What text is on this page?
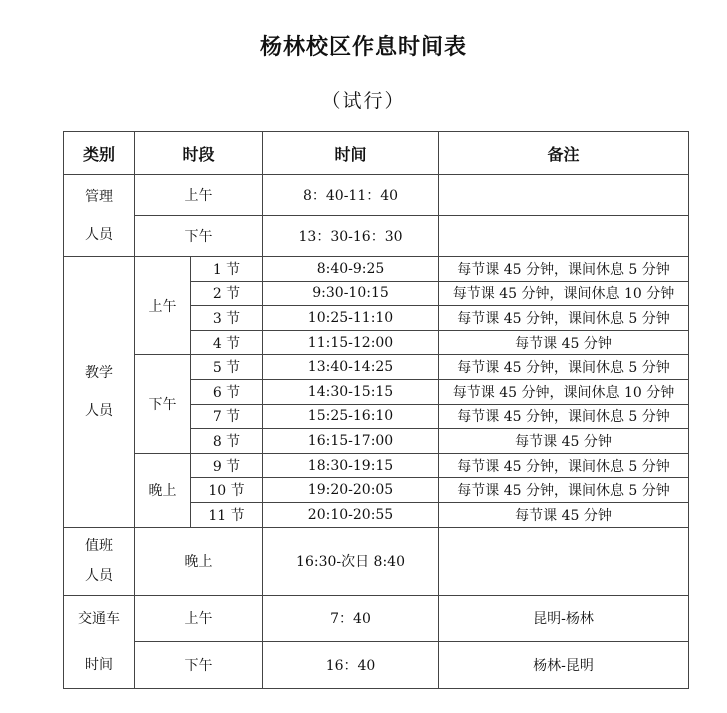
杨林校区作息时间表
（试行）
类别	时段		时间	备注

管理
人员	上午		8：40-11：40	
	下午		13：30-16：30	

教学
人员	上午	1 节	8:40-9:25	每节课 45 分钟，课间休息 5 分钟
		2 节	9:30-10:15	每节课 45 分钟，课间休息 10 分钟
		3 节	10:25-11:10	每节课 45 分钟，课间休息 5 分钟
		4 节	11:15-12:00	每节课 45 分钟
	下午	5 节	13:40-14:25	每节课 45 分钟，课间休息 5 分钟
		6 节	14:30-15:15	每节课 45 分钟，课间休息 10 分钟
		7 节	15:25-16:10	每节课 45 分钟，课间休息 5 分钟
		8 节	16:15-17:00	每节课 45 分钟
	晚上	9 节	18:30-19:15	每节课 45 分钟，课间休息 5 分钟
		10 节	19:20-20:05	每节课 45 分钟，课间休息 5 分钟
		11 节	20:10-20:55	每节课 45 分钟

值班
人员	晚上		16:30-次日 8:40	

交通车
时间	上午		7：40	昆明-杨林
	下午		16：40	杨林-昆明
